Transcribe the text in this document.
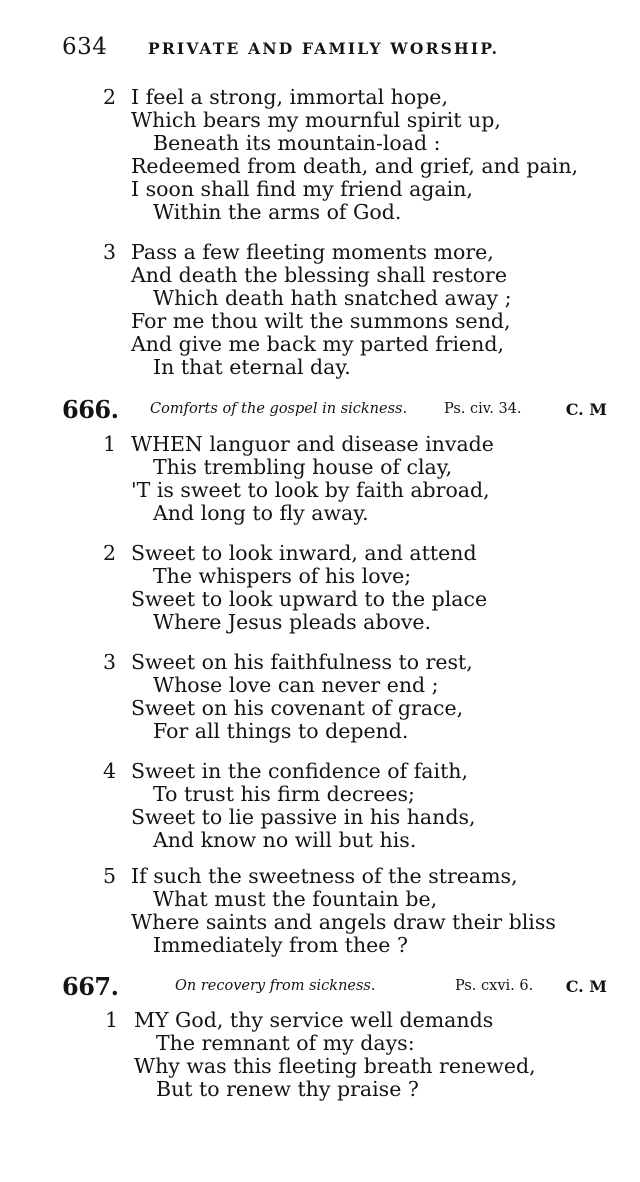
634	PRIVATE AND FAMILY WORSHIP.
2 I feel a strong, immortal hope,
Which bears my mournful spirit up,
Beneath its mountain-load :
Redeemed from death, and grief, and pain,
I soon shall find my friend again,
Within the arms of God.
3 Pass a few fleeting moments more,
And death the blessing shall restore
Which death hath snatched away ;
For me thou wilt the summons send,
And give me back my parted friend,
In that eternal day.
666. Comforts of the gospel in sickness.	Ps. civ. 34.	C. M
1 WHEN languor and disease invade
This trembling house of clay,
'T is sweet to look by faith abroad,
And long to fly away.
2 Sweet to look inward, and attend
The whispers of his love;
Sweet to look upward to the place
Where Jesus pleads above.
3 Sweet on his faithfulness to rest,
Whose love can never end ;
Sweet on his covenant of grace,
For all things to depend.
4 Sweet in the confidence of faith,
To trust his firm decrees;
Sweet to lie passive in his hands,
And know no will but his.
5 If such the sweetness of the streams,
What must the fountain be,
Where saints and angels draw their bliss
Immediately from thee ?
667.	On recovery from sickness.	Ps. cxvi. 6. C. M
1 MY God, thy service well demands
The remnant of my days:
Why was this fleeting breath renewed,
But to renew thy praise ?
